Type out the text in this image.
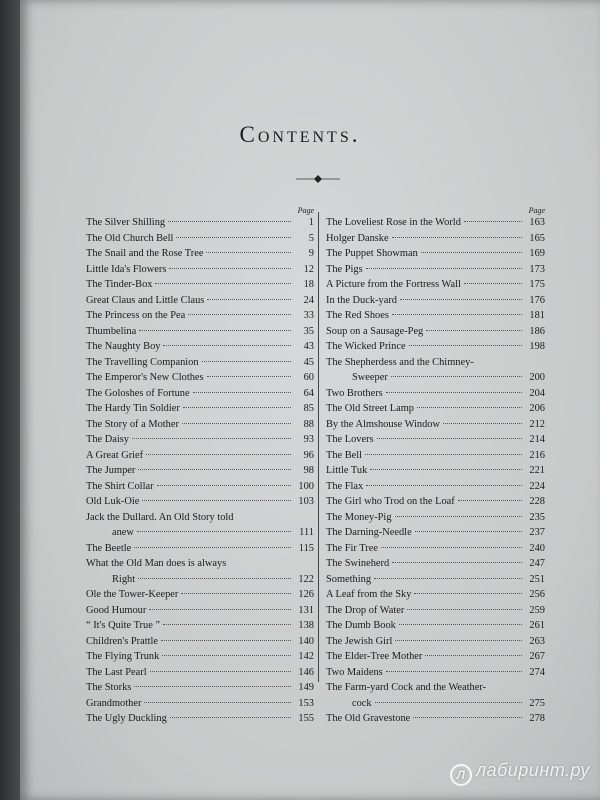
Contents.
Page
The Silver Shilling	1
The Old Church Bell	5
The Snail and the Rose Tree	9
Little Ida's Flowers	12
The Tinder-Box	18
Great Claus and Little Claus	24
The Princess on the Pea	33
Thumbelina	35
The Naughty Boy	43
The Travelling Companion	45
The Emperor's New Clothes	60
The Goloshes of Fortune	64
The Hardy Tin Soldier	85
The Story of a Mother	88
The Daisy	93
A Great Grief	96
The Jumper	98
The Shirt Collar	100
Old Luk-Oie	103
Jack the Dullard. An Old Story told
anew	111
The Beetle	115
What the Old Man does is always
Right	122
Ole the Tower-Keeper	126
Good Humour	131
“ It's Quite True ”	138
Children's Prattle	140
The Flying Trunk	142
The Last Pearl	146
The Storks	149
Grandmother	153
The Ugly Duckling	155
Page
The Loveliest Rose in the World	163
Holger Danske	165
The Puppet Showman	169
The Pigs	173
A Picture from the Fortress Wall	175
In the Duck-yard	176
The Red Shoes	181
Soup on a Sausage-Peg	186
The Wicked Prince	198
The Shepherdess and the Chimney-
Sweeper	200
Two Brothers	204
The Old Street Lamp	206
By the Almshouse Window	212
The Lovers	214
The Bell	216
Little Tuk	221
The Flax	224
The Girl who Trod on the Loaf	228
The Money-Pig	235
The Darning-Needle	237
The Fir Tree	240
The Swineherd	247
Something	251
A Leaf from the Sky	256
The Drop of Water	259
The Dumb Book	261
The Jewish Girl	263
The Elder-Tree Mother	267
Two Maidens	274
The Farm-yard Cock and the Weather-
cock	275
The Old Gravestone	278
Л лабиринт.ру
